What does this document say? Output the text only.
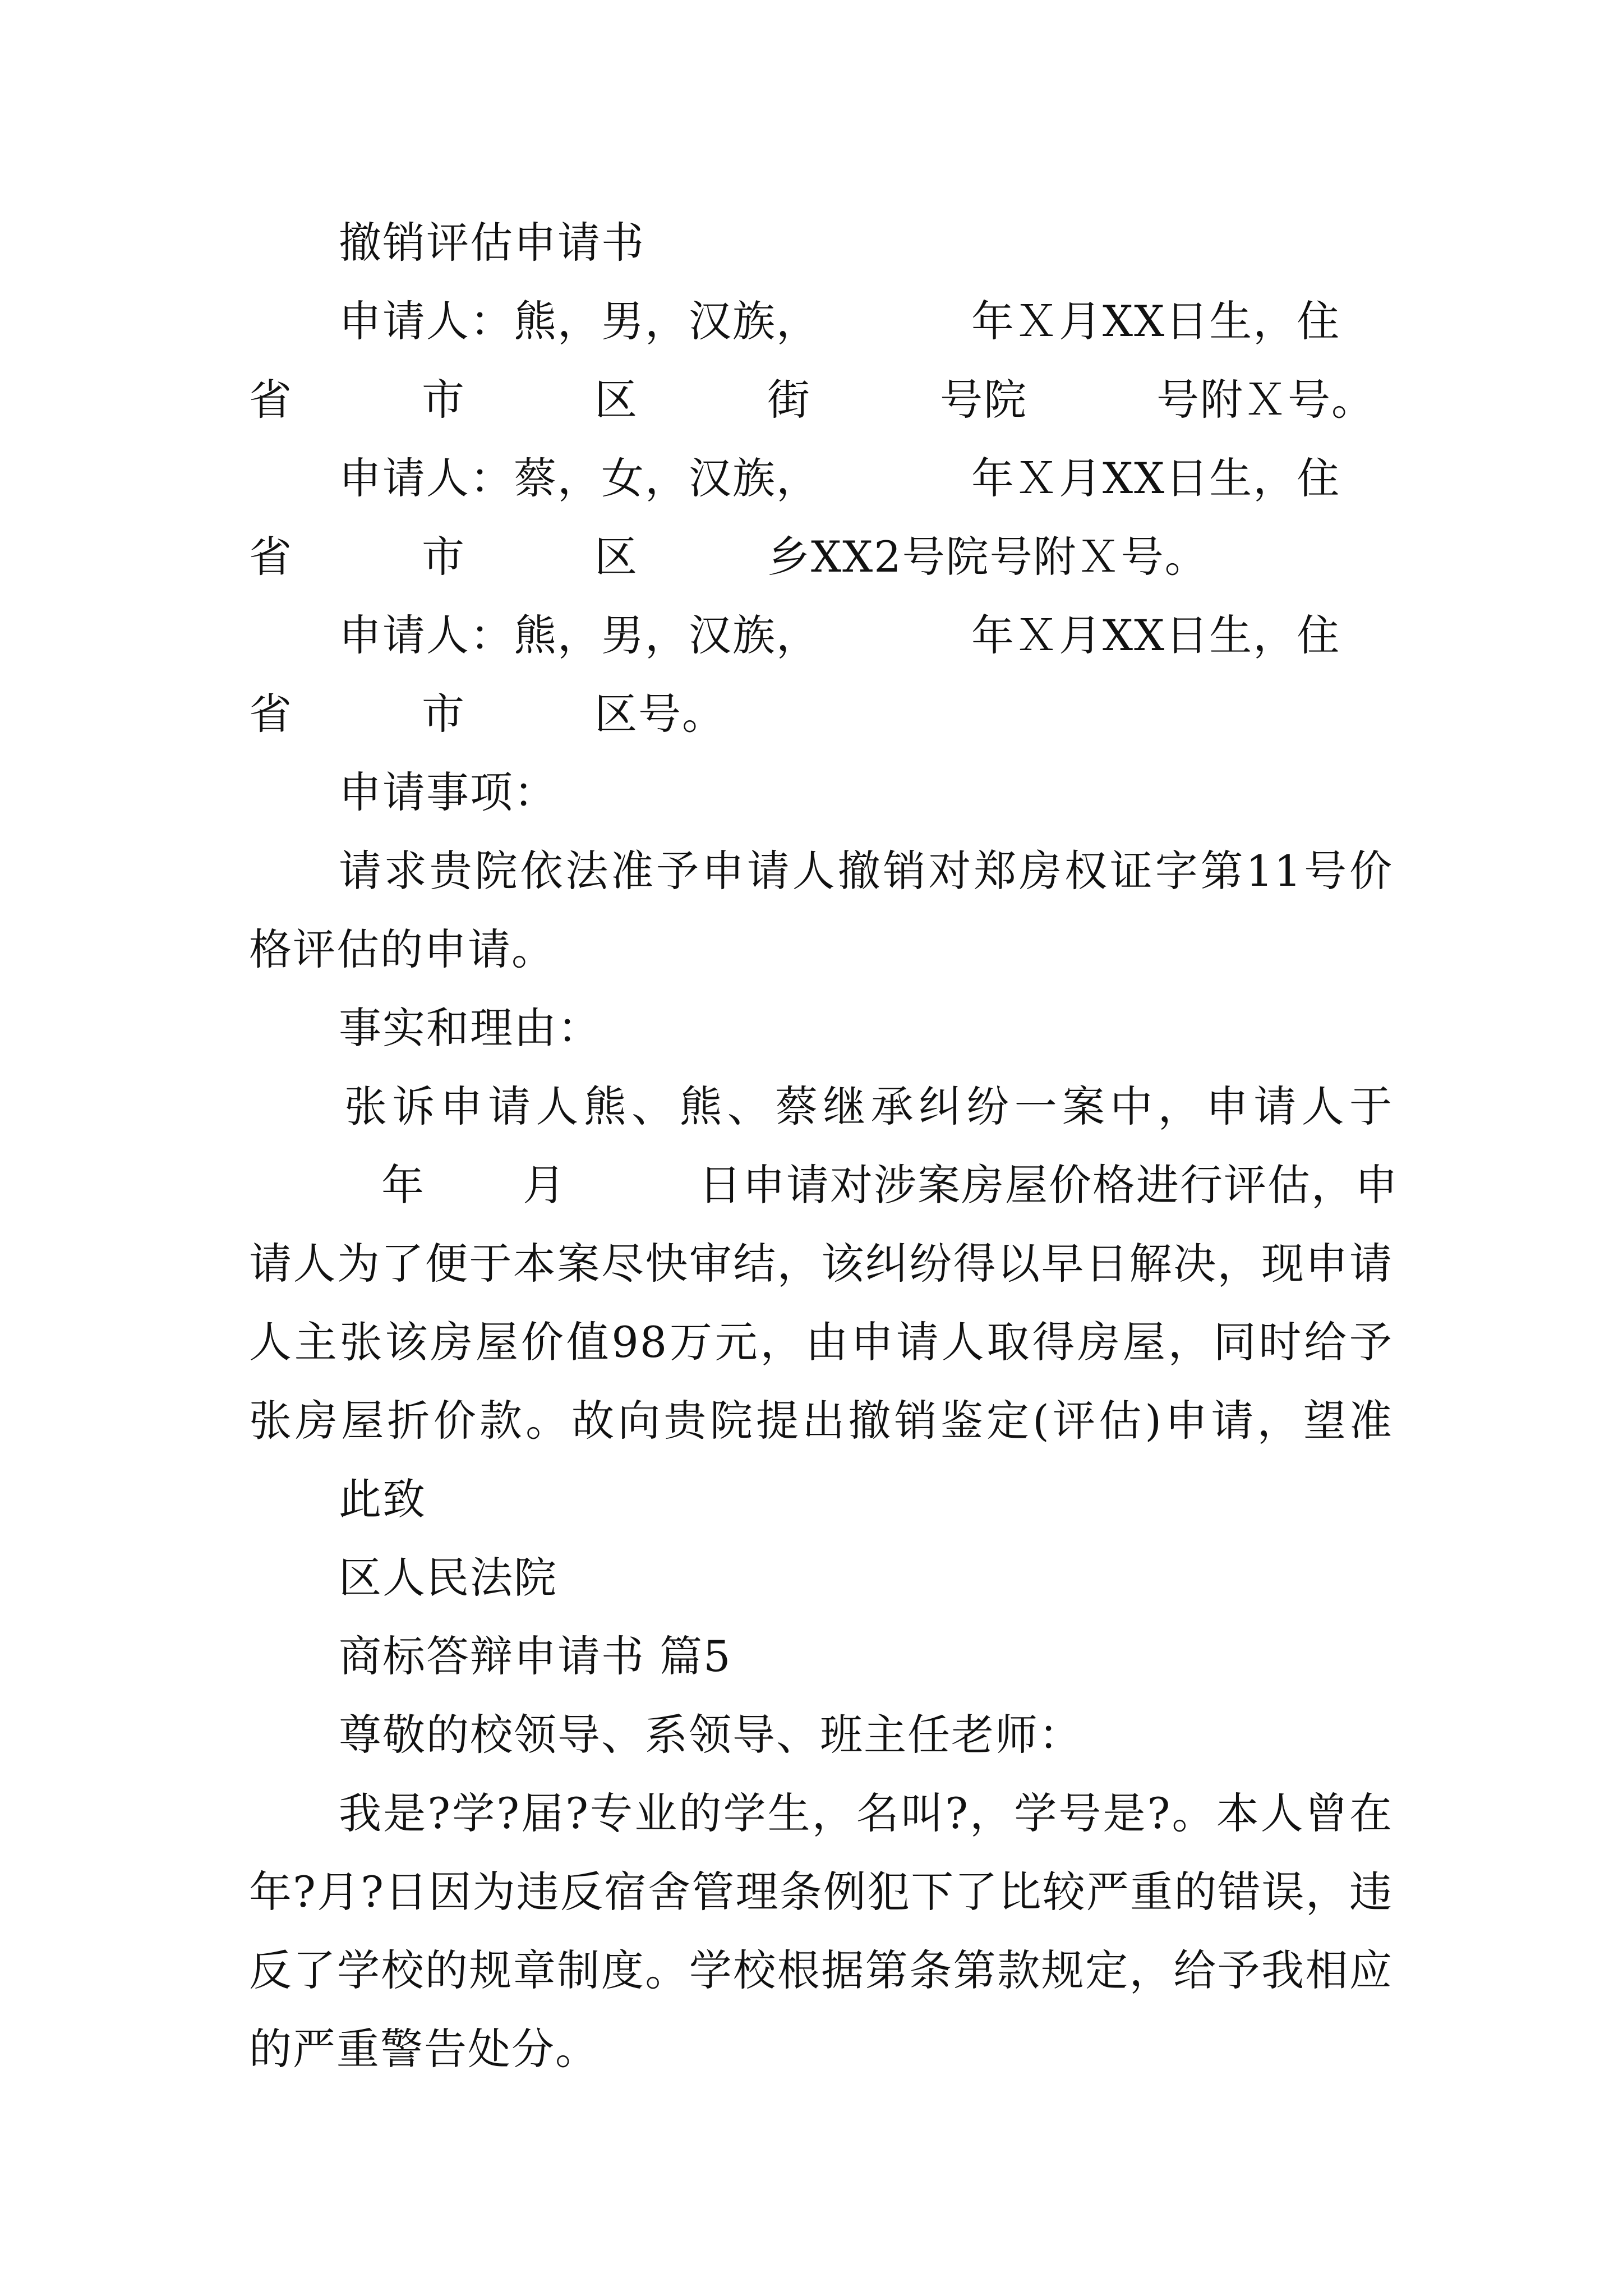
撤销评估申请书
申请人：熊，男，汉族，	年Ｘ月XX日生，住
省	市	区	街	号院	号附Ｘ号。
申请人：蔡，女，汉族，	年Ｘ月XX日生，住
省	市	区	乡XX2号院号附Ｘ号。
申请人：熊，男，汉族，	年Ｘ月XX日生，住
省	市	区号。
申请事项：
请求贵院依法准予申请人撤销对郑房权证字第11号价
格评估的申请。
事实和理由：
张诉申请人熊、熊、蔡继承纠纷一案中，申请人于
年 月	日申请对涉案房屋价格进行评估，申
请人为了便于本案尽快审结，该纠纷得以早日解决，现申请
人主张该房屋价值98万元，由申请人取得房屋，同时给予
张房屋折价款。故向贵院提出撤销鉴定(评估)申请，望准
此致
区人民法院
商标答辩申请书 篇5
尊敬的校领导、系领导、班主任老师：
我是?学?届?专业的学生，名叫?，学号是?。本人曾在
年?月?日因为违反宿舍管理条例犯下了比较严重的错误，违
反了学校的规章制度。学校根据第条第款规定，给予我相应
的严重警告处分。
